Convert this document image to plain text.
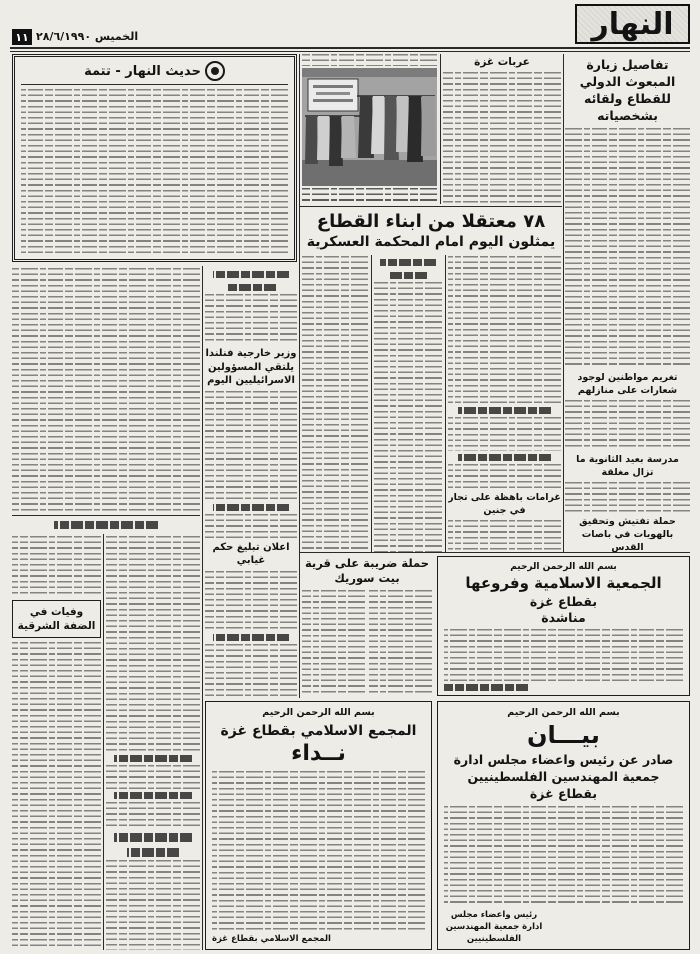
النهار
١١ الخميس ٢٨/٦/١٩٩٠
تفاصيل زيارة المبعوث الدولي للقطاع ولقائه بشخصياته
تغريم مواطنين لوجود شعارات على منازلهم
مدرسة بعيد الثانوية ما تزال مغلقة
حملة تفتيش وتحقيق بالهويات في باصات القدس
عربات غزة
٧٨ معتقلا من ابناء القطاع
يمثلون اليوم امام المحكمة العسكرية
غرامات باهظة على تجار في جنين
حديث النهار - تتمة
وزير خارجية فنلندا يلتقي المسؤولين الاسرائيليين اليوم
اعلان تبليغ حكم غيابي
وفيات في الضفة الشرقية
حملة ضريبة على قرية بيت سوريك
بسم الله الرحمن الرحيم
الجمعية الاسلامية وفروعها
بقطاع غزة
مناشدة
بسم الله الرحمن الرحيم
المجمع الاسلامي بقطاع غزة
نــداء
المجمع الاسلامي بقطاع غزة
بسم الله الرحمن الرحيم
بيـــان
صادر عن رئيس واعضاء مجلس ادارة
جمعية المهندسين الفلسطينيين
بقطاع غزة
رئيس واعضاء مجلس ادارة جمعية المهندسين الفلسطينيين
